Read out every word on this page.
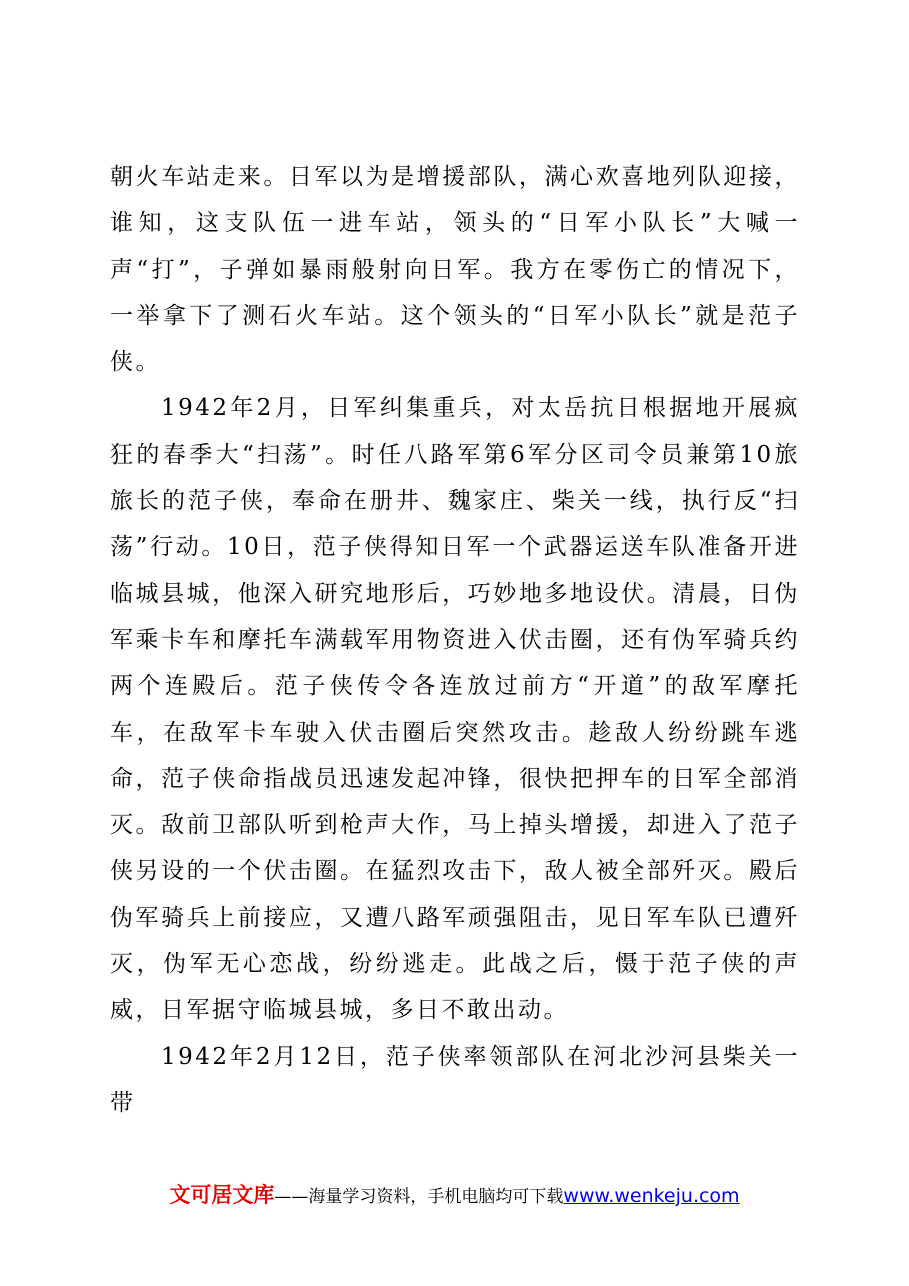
朝火车站走来。日军以为是增援部队，满心欢喜地列队迎接，谁知，这支队伍一进车站，领头的“日军小队长”大喊一声“打”，子弹如暴雨般射向日军。我方在零伤亡的情况下，一举拿下了测石火车站。这个领头的“日军小队长”就是范子侠。

1942年2月，日军纠集重兵，对太岳抗日根据地开展疯狂的春季大“扫荡”。时任八路军第6军分区司令员兼第10旅旅长的范子侠，奉命在册井、魏家庄、柴关一线，执行反“扫荡”行动。10日，范子侠得知日军一个武器运送车队准备开进临城县城，他深入研究地形后，巧妙地多地设伏。清晨，日伪军乘卡车和摩托车满载军用物资进入伏击圈，还有伪军骑兵约两个连殿后。范子侠传令各连放过前方“开道”的敌军摩托车，在敌军卡车驶入伏击圈后突然攻击。趁敌人纷纷跳车逃命，范子侠命指战员迅速发起冲锋，很快把押车的日军全部消灭。敌前卫部队听到枪声大作，马上掉头增援，却进入了范子侠另设的一个伏击圈。在猛烈攻击下，敌人被全部歼灭。殿后伪军骑兵上前接应，又遭八路军顽强阻击，见日军车队已遭歼灭，伪军无心恋战，纷纷逃走。此战之后，慑于范子侠的声威，日军据守临城县城，多日不敢出动。

1942年2月12日，范子侠率领部队在河北沙河县柴关一带

文可居文库——海量学习资料，手机电脑均可下载www.wenkeju.com
